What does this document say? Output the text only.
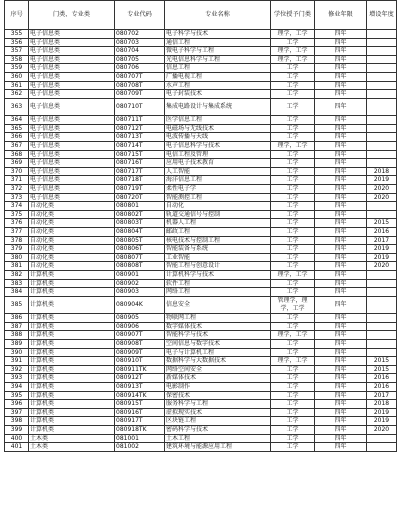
序号	门类、专业类	专业代码	专业名称	学位授予门类	修业年限	增设年度
355	电子信息类	080702	电子科学与技术	理学，工学	四年	
356	电子信息类	080703	通信工程	工学	四年	
357	电子信息类	080704	微电子科学与工程	理学，工学	四年	
358	电子信息类	080705	光电信息科学与工程	理学，工学	四年	
359	电子信息类	080706	信息工程	工学	四年	
360	电子信息类	080707T	广播电视工程	工学	四年	
361	电子信息类	080708T	水声工程	工学	四年	
362	电子信息类	080709T	电子封装技术	工学	四年	
363	电子信息类	080710T	集成电路设计与集成系统	工学	四年	
364	电子信息类	080711T	医学信息工程	工学	四年	
365	电子信息类	080712T	电磁场与无线技术	工学	四年	
366	电子信息类	080713T	电波传播与天线	工学	四年	
367	电子信息类	080714T	电子信息科学与技术	理学，工学	四年	
368	电子信息类	080715T	电信工程及管理	工学	四年	
369	电子信息类	080716T	应用电子技术教育	工学	四年	
370	电子信息类	080717T	人工智能	工学	四年	2018
371	电子信息类	080718T	海洋信息工程	工学	四年	2019
372	电子信息类	080719T	柔性电子学	工学	四年	2020
373	电子信息类	080720T	智能测控工程	工学	四年	2020
374	自动化类	080801	自动化	工学	四年	
375	自动化类	080802T	轨道交通信号与控制	工学	四年	
376	自动化类	080803T	机器人工程	工学	四年	2015
377	自动化类	080804T	邮政工程	工学	四年	2016
378	自动化类	080805T	核电技术与控制工程	工学	四年	2017
379	自动化类	080806T	智能装备与系统	工学	四年	2019
380	自动化类	080807T	工业智能	工学	四年	2019
381	自动化类	080808T	智能工程与创意设计	工学	四年	2020
382	计算机类	080901	计算机科学与技术	理学，工学	四年	
383	计算机类	080902	软件工程	工学	四年	
384	计算机类	080903	网络工程	工学	四年	
385	计算机类	080904K	信息安全	管理学，理学，工学	四年	
386	计算机类	080905	物联网工程	工学	四年	
387	计算机类	080906	数字媒体技术	工学	四年	
388	计算机类	080907T	智能科学与技术	理学，工学	四年	
389	计算机类	080908T	空间信息与数字技术	工学	四年	
390	计算机类	080909T	电子与计算机工程	工学	四年	
391	计算机类	080910T	数据科学与大数据技术	理学，工学	四年	2015
392	计算机类	080911TK	网络空间安全	工学	四年	2015
393	计算机类	080912T	新媒体技术	工学	四年	2016
394	计算机类	080913T	电影制作	工学	四年	2016
395	计算机类	080914TK	保密技术	工学	四年	2017
396	计算机类	080915T	服务科学与工程	工学	四年	2018
397	计算机类	080916T	虚拟现实技术	工学	四年	2019
398	计算机类	080917T	区块链工程	工学	四年	2019
399	计算机类	080918TK	密码科学与技术	工学	四年	2020
400	土木类	081001	土木工程	工学	四年	
401	土木类	081002	建筑环境与能源应用工程	工学	四年	
